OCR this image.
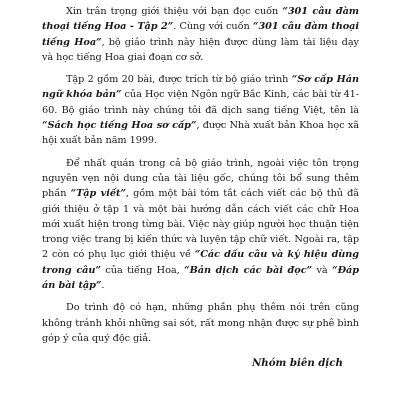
Xin trân trọng giới thiệu với bạn đọc cuốn “301 câu đàm thoại tiếng Hoa - Tập 2”. Cùng với cuốn “301 câu đàm thoại tiếng Hoa”, bộ giáo trình này hiện được dùng làm tài liệu dạy và học tiếng Hoa giai đoạn cơ sở.

Tập 2 gồm 20 bài, được trích từ bộ giáo trình “Sơ cấp Hán ngữ khóa bản” của Học viện Ngôn ngữ Bắc Kinh, các bài từ 41-60. Bộ giáo trình này chúng tôi đã dịch sang tiếng Việt, tên là “Sách học tiếng Hoa sơ cấp”, được Nhà xuất bản Khoa học xã hội xuất bản năm 1999.

Để nhất quán trong cả bộ giáo trình, ngoài việc tôn trọng nguyên vẹn nội dung của tài liệu gốc, chúng tôi bổ sung thêm phần “Tập viết”, gồm một bài tóm tắt cách viết các bộ thủ đã giới thiệu ở tập 1 và một bài hướng dẫn cách viết các chữ Hoa mới xuất hiện trong từng bài. Việc này giúp người học thuận tiện trong việc trang bị kiến thức và luyện tập chữ viết. Ngoài ra, tập 2 còn có phụ lục giới thiệu về “Các dấu câu và ký hiệu dùng trong câu” của tiếng Hoa, “Bản dịch các bài đọc” và “Đáp án bài tập”.

Do trình độ có hạn, những phần phụ thêm nói trên cũng không tránh khỏi những sai sót, rất mong nhận được sự phê bình góp ý của quý độc giả.

Nhóm biên dịch
